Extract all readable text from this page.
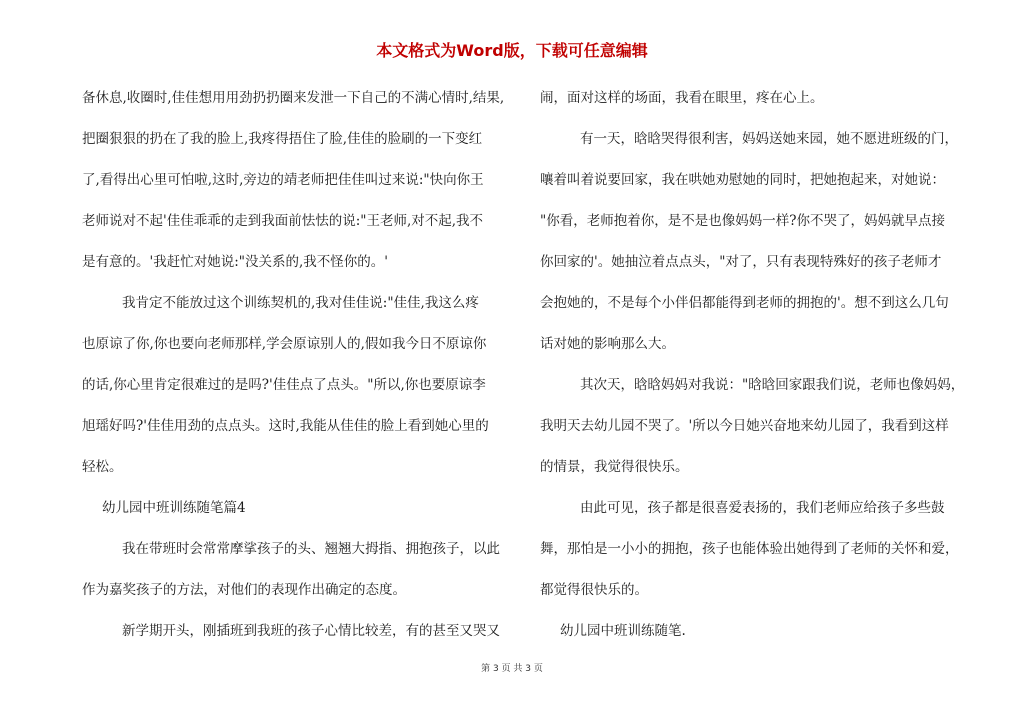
本文格式为Word版，下载可任意编辑
备休息,收圈时,佳佳想用用劲扔扔圈来发泄一下自己的不满心情时,结果,
把圈狠狠的扔在了我的脸上,我疼得捂住了脸,佳佳的脸刷的一下变红
了,看得出心里可怕啦,这时,旁边的靖老师把佳佳叫过来说:"快向你王
老师说对不起'佳佳乖乖的走到我面前怯怯的说:"王老师,对不起,我不
是有意的。'我赶忙对她说:"没关系的,我不怪你的。'
我肯定不能放过这个训练契机的,我对佳佳说:"佳佳,我这么疼
也原谅了你,你也要向老师那样,学会原谅别人的,假如我今日不原谅你
的话,你心里肯定很难过的是吗?'佳佳点了点头。"所以,你也要原谅李
旭瑶好吗?'佳佳用劲的点点头。这时,我能从佳佳的脸上看到她心里的
轻松。
幼儿园中班训练随笔篇4
我在带班时会常常摩挲孩子的头、翘翘大拇指、拥抱孩子，以此
作为嘉奖孩子的方法，对他们的表现作出确定的态度。
新学期开头，刚插班到我班的孩子心情比较差，有的甚至又哭又
闹，面对这样的场面，我看在眼里，疼在心上。
有一天，晗晗哭得很利害，妈妈送她来园，她不愿进班级的门，
嚷着叫着说要回家，我在哄她劝慰她的同时，把她抱起来，对她说：
"你看，老师抱着你，是不是也像妈妈一样?你不哭了，妈妈就早点接
你回家的'。她抽泣着点点头，"对了，只有表现特殊好的孩子老师才
会抱她的，不是每个小伴侣都能得到老师的拥抱的'。想不到这么几句
话对她的影响那么大。
其次天，晗晗妈妈对我说："晗晗回家跟我们说，老师也像妈妈，
我明天去幼儿园不哭了。'所以今日她兴奋地来幼儿园了，我看到这样
的情景，我觉得很快乐。
由此可见，孩子都是很喜爱表扬的，我们老师应给孩子多些鼓
舞，那怕是一小小的拥抱，孩子也能体验出她得到了老师的关怀和爱，
都觉得很快乐的。
幼儿园中班训练随笔.
第 3 页 共 3 页
